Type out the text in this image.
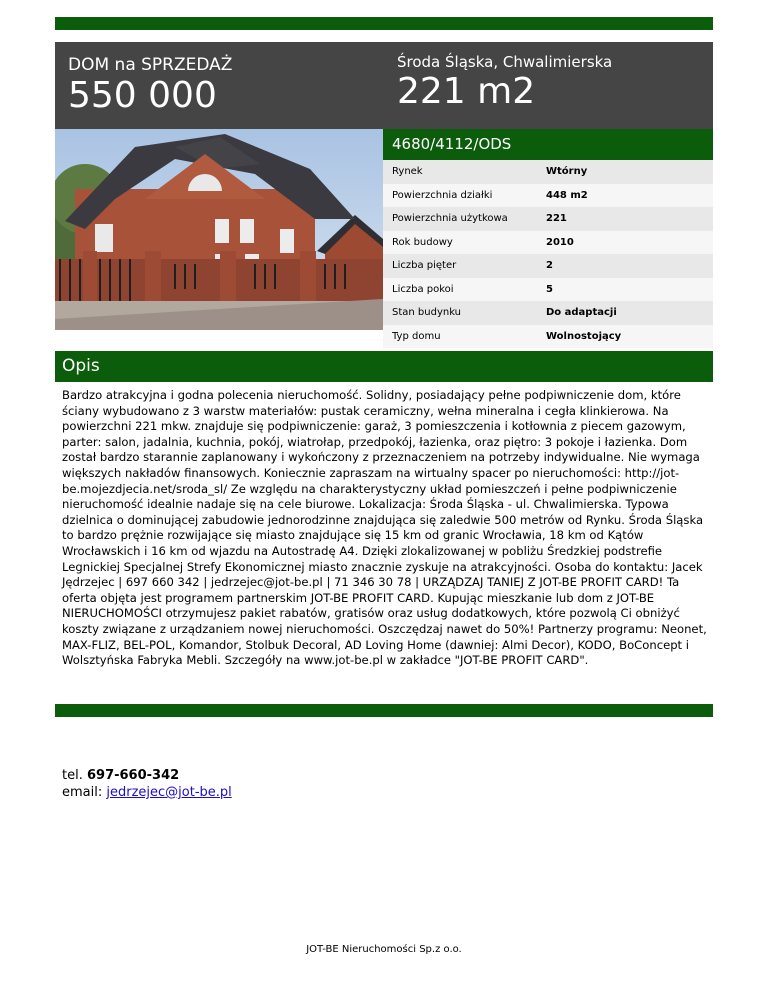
DOM na SPRZEDAŻ
550 000
Środa Śląska, Chwalimierska
221 m2
4680/4112/ODS
Rynek	Wtórny
Powierzchnia działki	448 m2
Powierzchnia użytkowa	221
Rok budowy	2010
Liczba pięter	2
Liczba pokoi	5
Stan budynku	Do adaptacji
Typ domu	Wolnostojący
Opis
Bardzo atrakcyjna i godna polecenia nieruchomość. Solidny, posiadający pełne podpiwniczenie dom, które ściany wybudowano z 3 warstw materiałów: pustak ceramiczny, wełna mineralna i cegła klinkierowa. Na powierzchni 221 mkw. znajduje się podpiwniczenie: garaż, 3 pomieszczenia i kotłownia z piecem gazowym, parter: salon, jadalnia, kuchnia, pokój, wiatrołap, przedpokój, łazienka, oraz piętro: 3 pokoje i łazienka. Dom został bardzo starannie zaplanowany i wykończony z przeznaczeniem na potrzeby indywidualne. Nie wymaga większych nakładów finansowych. Koniecznie zapraszam na wirtualny spacer po nieruchomości: http://jot-be.mojezdjecia.net/sroda_sl/ Ze względu na charakterystyczny układ pomieszczeń i pełne podpiwniczenie nieruchomość idealnie nadaje się na cele biurowe. Lokalizacja: Środa Śląska - ul. Chwalimierska. Typowa dzielnica o dominującej zabudowie jednorodzinne znajdująca się zaledwie 500 metrów od Rynku. Środa Śląska to bardzo prężnie rozwijające się miasto znajdujące się 15 km od granic Wrocławia, 18 km od Kątów Wrocławskich i 16 km od wjazdu na Autostradę A4. Dzięki zlokalizowanej w pobliżu Średzkiej podstrefie Legnickiej Specjalnej Strefy Ekonomicznej miasto znacznie zyskuje na atrakcyjności. Osoba do kontaktu: Jacek Jędrzejec | 697 660 342 | jedrzejec@jot-be.pl | 71 346 30 78 | URZĄDZAJ TANIEJ Z JOT-BE PROFIT CARD! Ta oferta objęta jest programem partnerskim JOT-BE PROFIT CARD. Kupując mieszkanie lub dom z JOT-BE NIERUCHOMOŚCI otrzymujesz pakiet rabatów, gratisów oraz usług dodatkowych, które pozwolą Ci obniżyć koszty związane z urządzaniem nowej nieruchomości. Oszczędzaj nawet do 50%! Partnerzy programu: Neonet, MAX-FLIZ, BEL-POL, Komandor, Stolbuk Decoral, AD Loving Home (dawniej: Almi Decor), KODO, BoConcept i Wolsztyńska Fabryka Mebli. Szczegóły na www.jot-be.pl w zakładce "JOT-BE PROFIT CARD".
tel. 697-660-342
email: jedrzejec@jot-be.pl
JOT-BE Nieruchomości Sp.z o.o.
